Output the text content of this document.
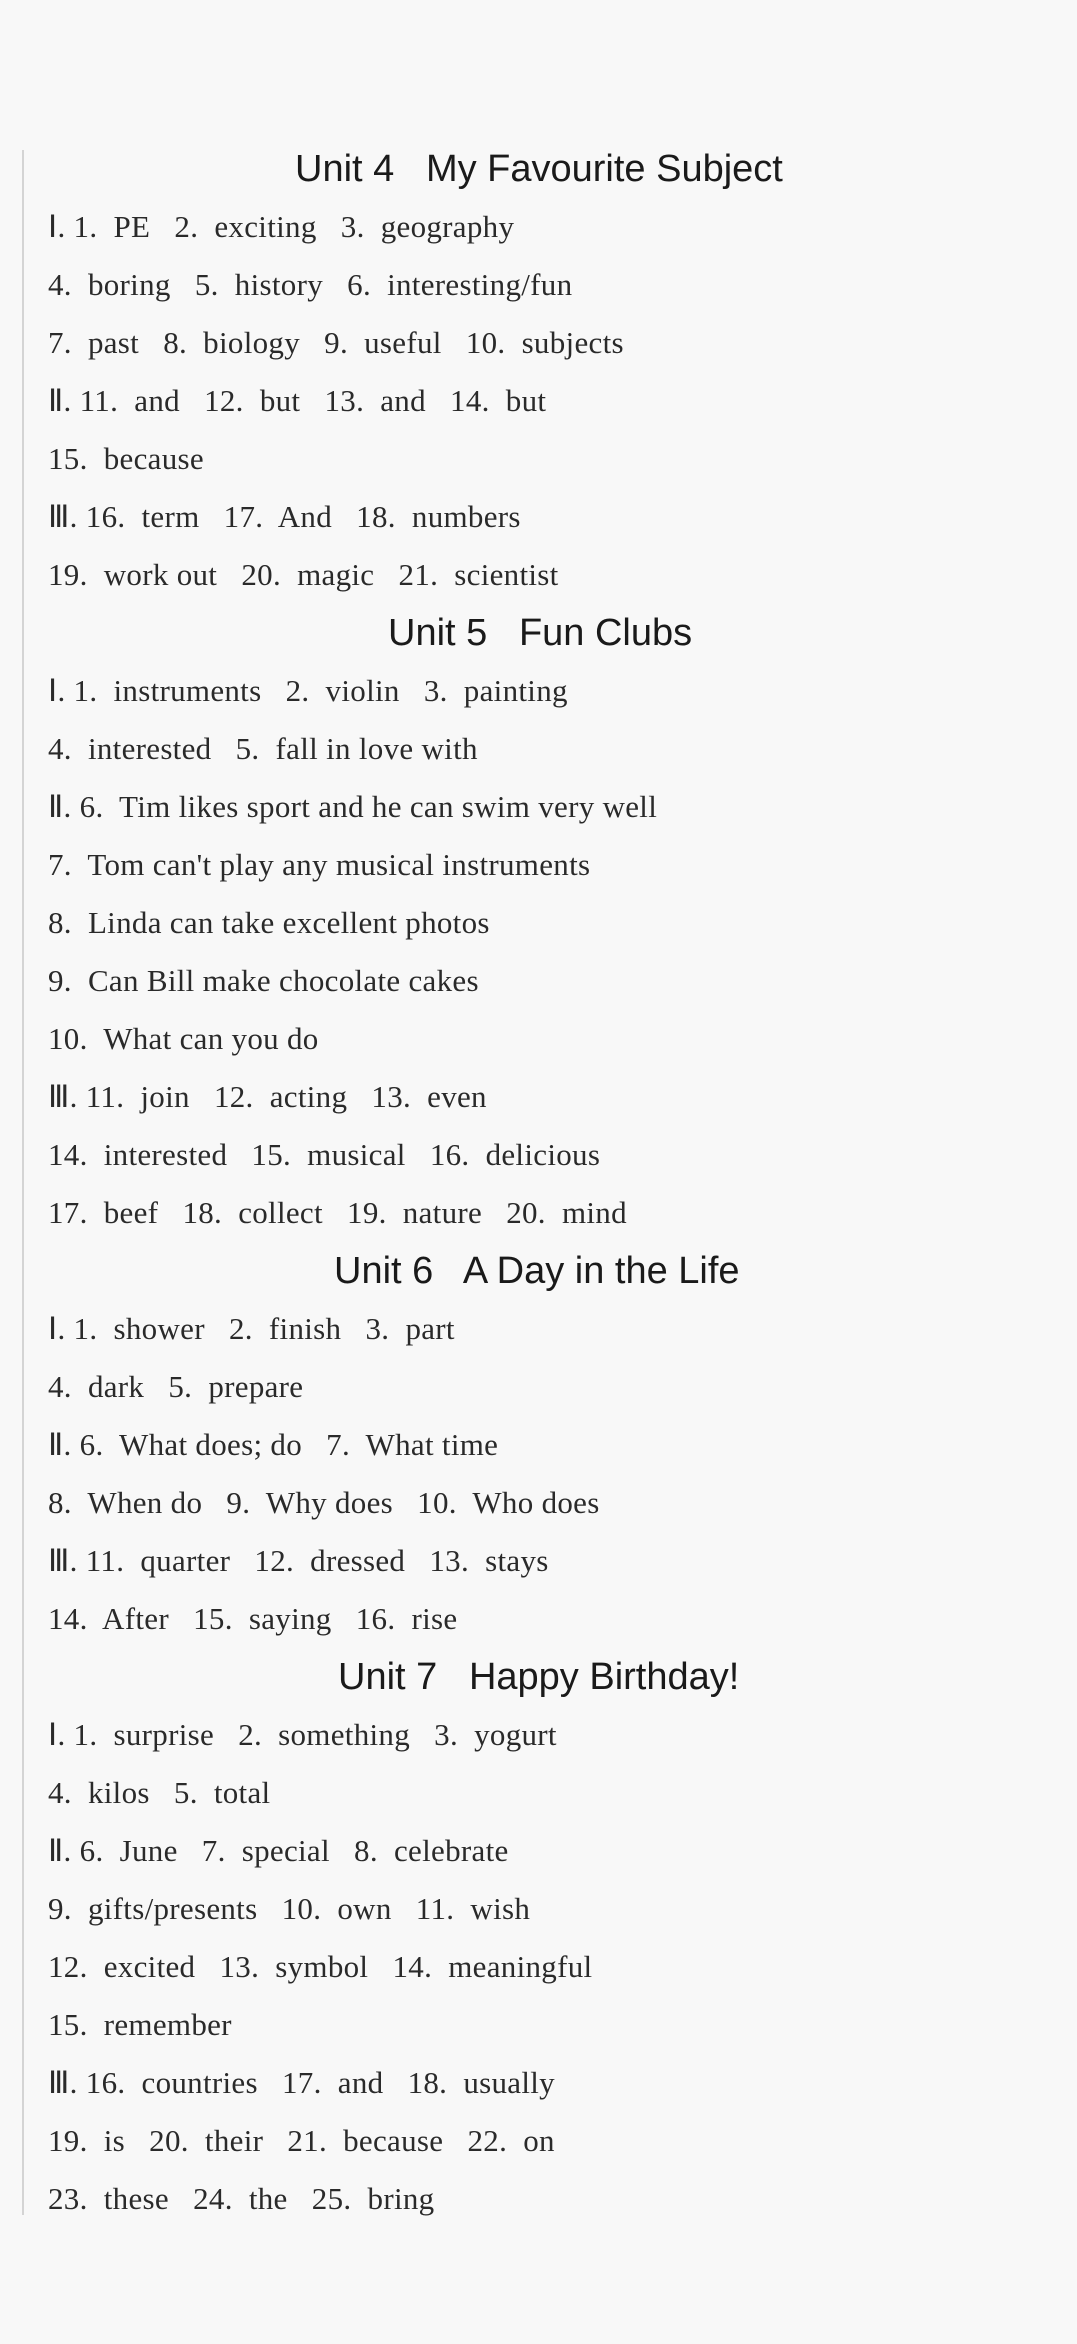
Unit 4   My Favourite Subject
Ⅰ. 1.  PE   2.  exciting   3.  geography
4.  boring   5.  history   6.  interesting/fun
7.  past   8.  biology   9.  useful   10.  subjects
Ⅱ. 11.  and   12.  but   13.  and   14.  but
15.  because
Ⅲ. 16.  term   17.  And   18.  numbers
19.  work out   20.  magic   21.  scientist
Unit 5   Fun Clubs
Ⅰ. 1.  instruments   2.  violin   3.  painting
4.  interested   5.  fall in love with
Ⅱ. 6.  Tim likes sport and he can swim very well
7.  Tom can't play any musical instruments
8.  Linda can take excellent photos
9.  Can Bill make chocolate cakes
10.  What can you do
Ⅲ. 11.  join   12.  acting   13.  even
14.  interested   15.  musical   16.  delicious
17.  beef   18.  collect   19.  nature   20.  mind
Unit 6   A Day in the Life
Ⅰ. 1.  shower   2.  finish   3.  part
4.  dark   5.  prepare
Ⅱ. 6.  What does; do   7.  What time
8.  When do   9.  Why does   10.  Who does
Ⅲ. 11.  quarter   12.  dressed   13.  stays
14.  After   15.  saying   16.  rise
Unit 7   Happy Birthday!
Ⅰ. 1.  surprise   2.  something   3.  yogurt
4.  kilos   5.  total
Ⅱ. 6.  June   7.  special   8.  celebrate
9.  gifts/presents   10.  own   11.  wish
12.  excited   13.  symbol   14.  meaningful
15.  remember
Ⅲ. 16.  countries   17.  and   18.  usually
19.  is   20.  their   21.  because   22.  on
23.  these   24.  the   25.  bring
